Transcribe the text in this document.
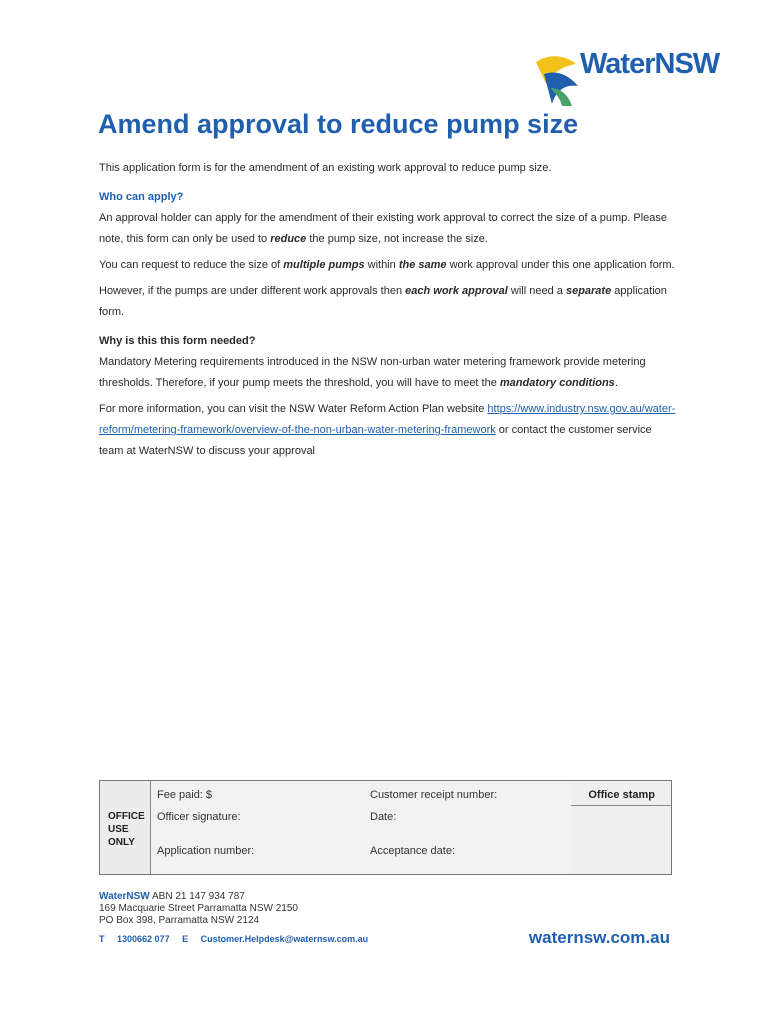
WaterNSW
Amend approval to reduce pump size

This application form is for the amendment of an existing work approval to reduce pump size.

Who can apply?

An approval holder can apply for the amendment of their existing work approval to correct the size of a pump. Please note, this form can only be used to reduce the pump size, not increase the size.

You can request to reduce the size of multiple pumps within the same work approval under this one application form.

However, if the pumps are under different work approvals then each work approval will need a separate application form.

Why is this this form needed?

Mandatory Metering requirements introduced in the NSW non-urban water metering framework provide metering thresholds. Therefore, if your pump meets the threshold, you will have to meet the mandatory conditions.

For more information, you can visit the NSW Water Reform Action Plan website https://www.industry.nsw.gov.au/water-reform/metering-framework/overview-of-the-non-urban-water-metering-framework or contact the customer service team at WaterNSW to discuss your approval

OFFICE
USE
ONLY
Office stamp
Fee paid: $	Customer receipt number:
Officer signature:	Date:
Application number:	Acceptance date:
WaterNSW ABN 21 147 934 787
169 Macquarie Street Parramatta NSW 2150
PO Box 398, Parramatta NSW 2124
T 1300662 077 E Customer.Helpdesk@waternsw.com.au	waternsw.com.au
